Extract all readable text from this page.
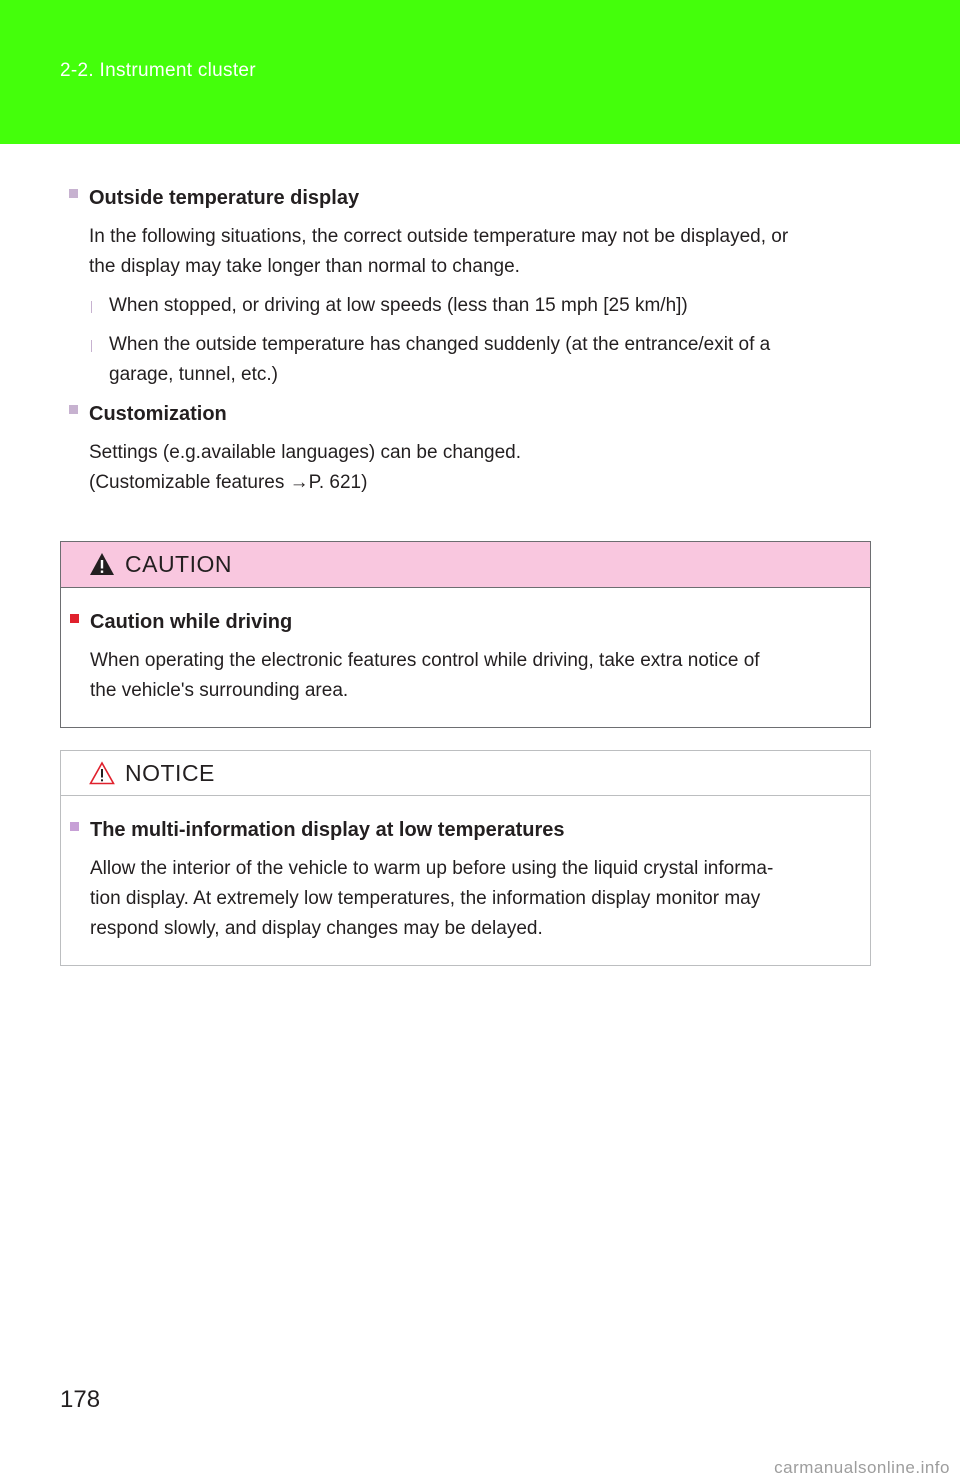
2-2. Instrument cluster

Outside temperature display

In the following situations, the correct outside temperature may not be displayed, or
the display may take longer than normal to change.

When stopped, or driving at low speeds (less than 15 mph [25 km/h])
When the outside temperature has changed suddenly (at the entrance/exit of a
garage, tunnel, etc.)

Customization

Settings (e.g.available languages) can be changed.
(Customizable features →P. 621)

CAUTION

Caution while driving

When operating the electronic features control while driving, take extra notice of
the vehicle's surrounding area.

NOTICE

The multi-information display at low temperatures

Allow the interior of the vehicle to warm up before using the liquid crystal informa-
tion display. At extremely low temperatures, the information display monitor may
respond slowly, and display changes may be delayed.

178
carmanualsonline.info
